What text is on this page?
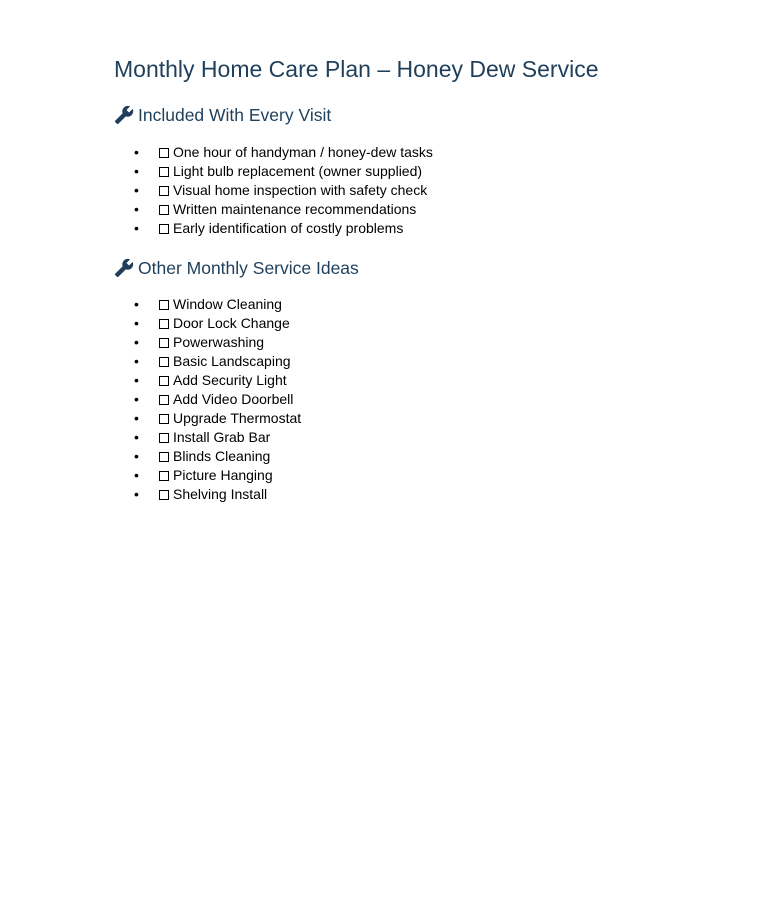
Monthly Home Care Plan – Honey Dew Service
Included With Every Visit
• One hour of handyman / honey-dew tasks
• Light bulb replacement (owner supplied)
• Visual home inspection with safety check
• Written maintenance recommendations
• Early identification of costly problems
Other Monthly Service Ideas
• Window Cleaning
• Door Lock Change
• Powerwashing
• Basic Landscaping
• Add Security Light
• Add Video Doorbell
• Upgrade Thermostat
• Install Grab Bar
• Blinds Cleaning
• Picture Hanging
• Shelving Install
